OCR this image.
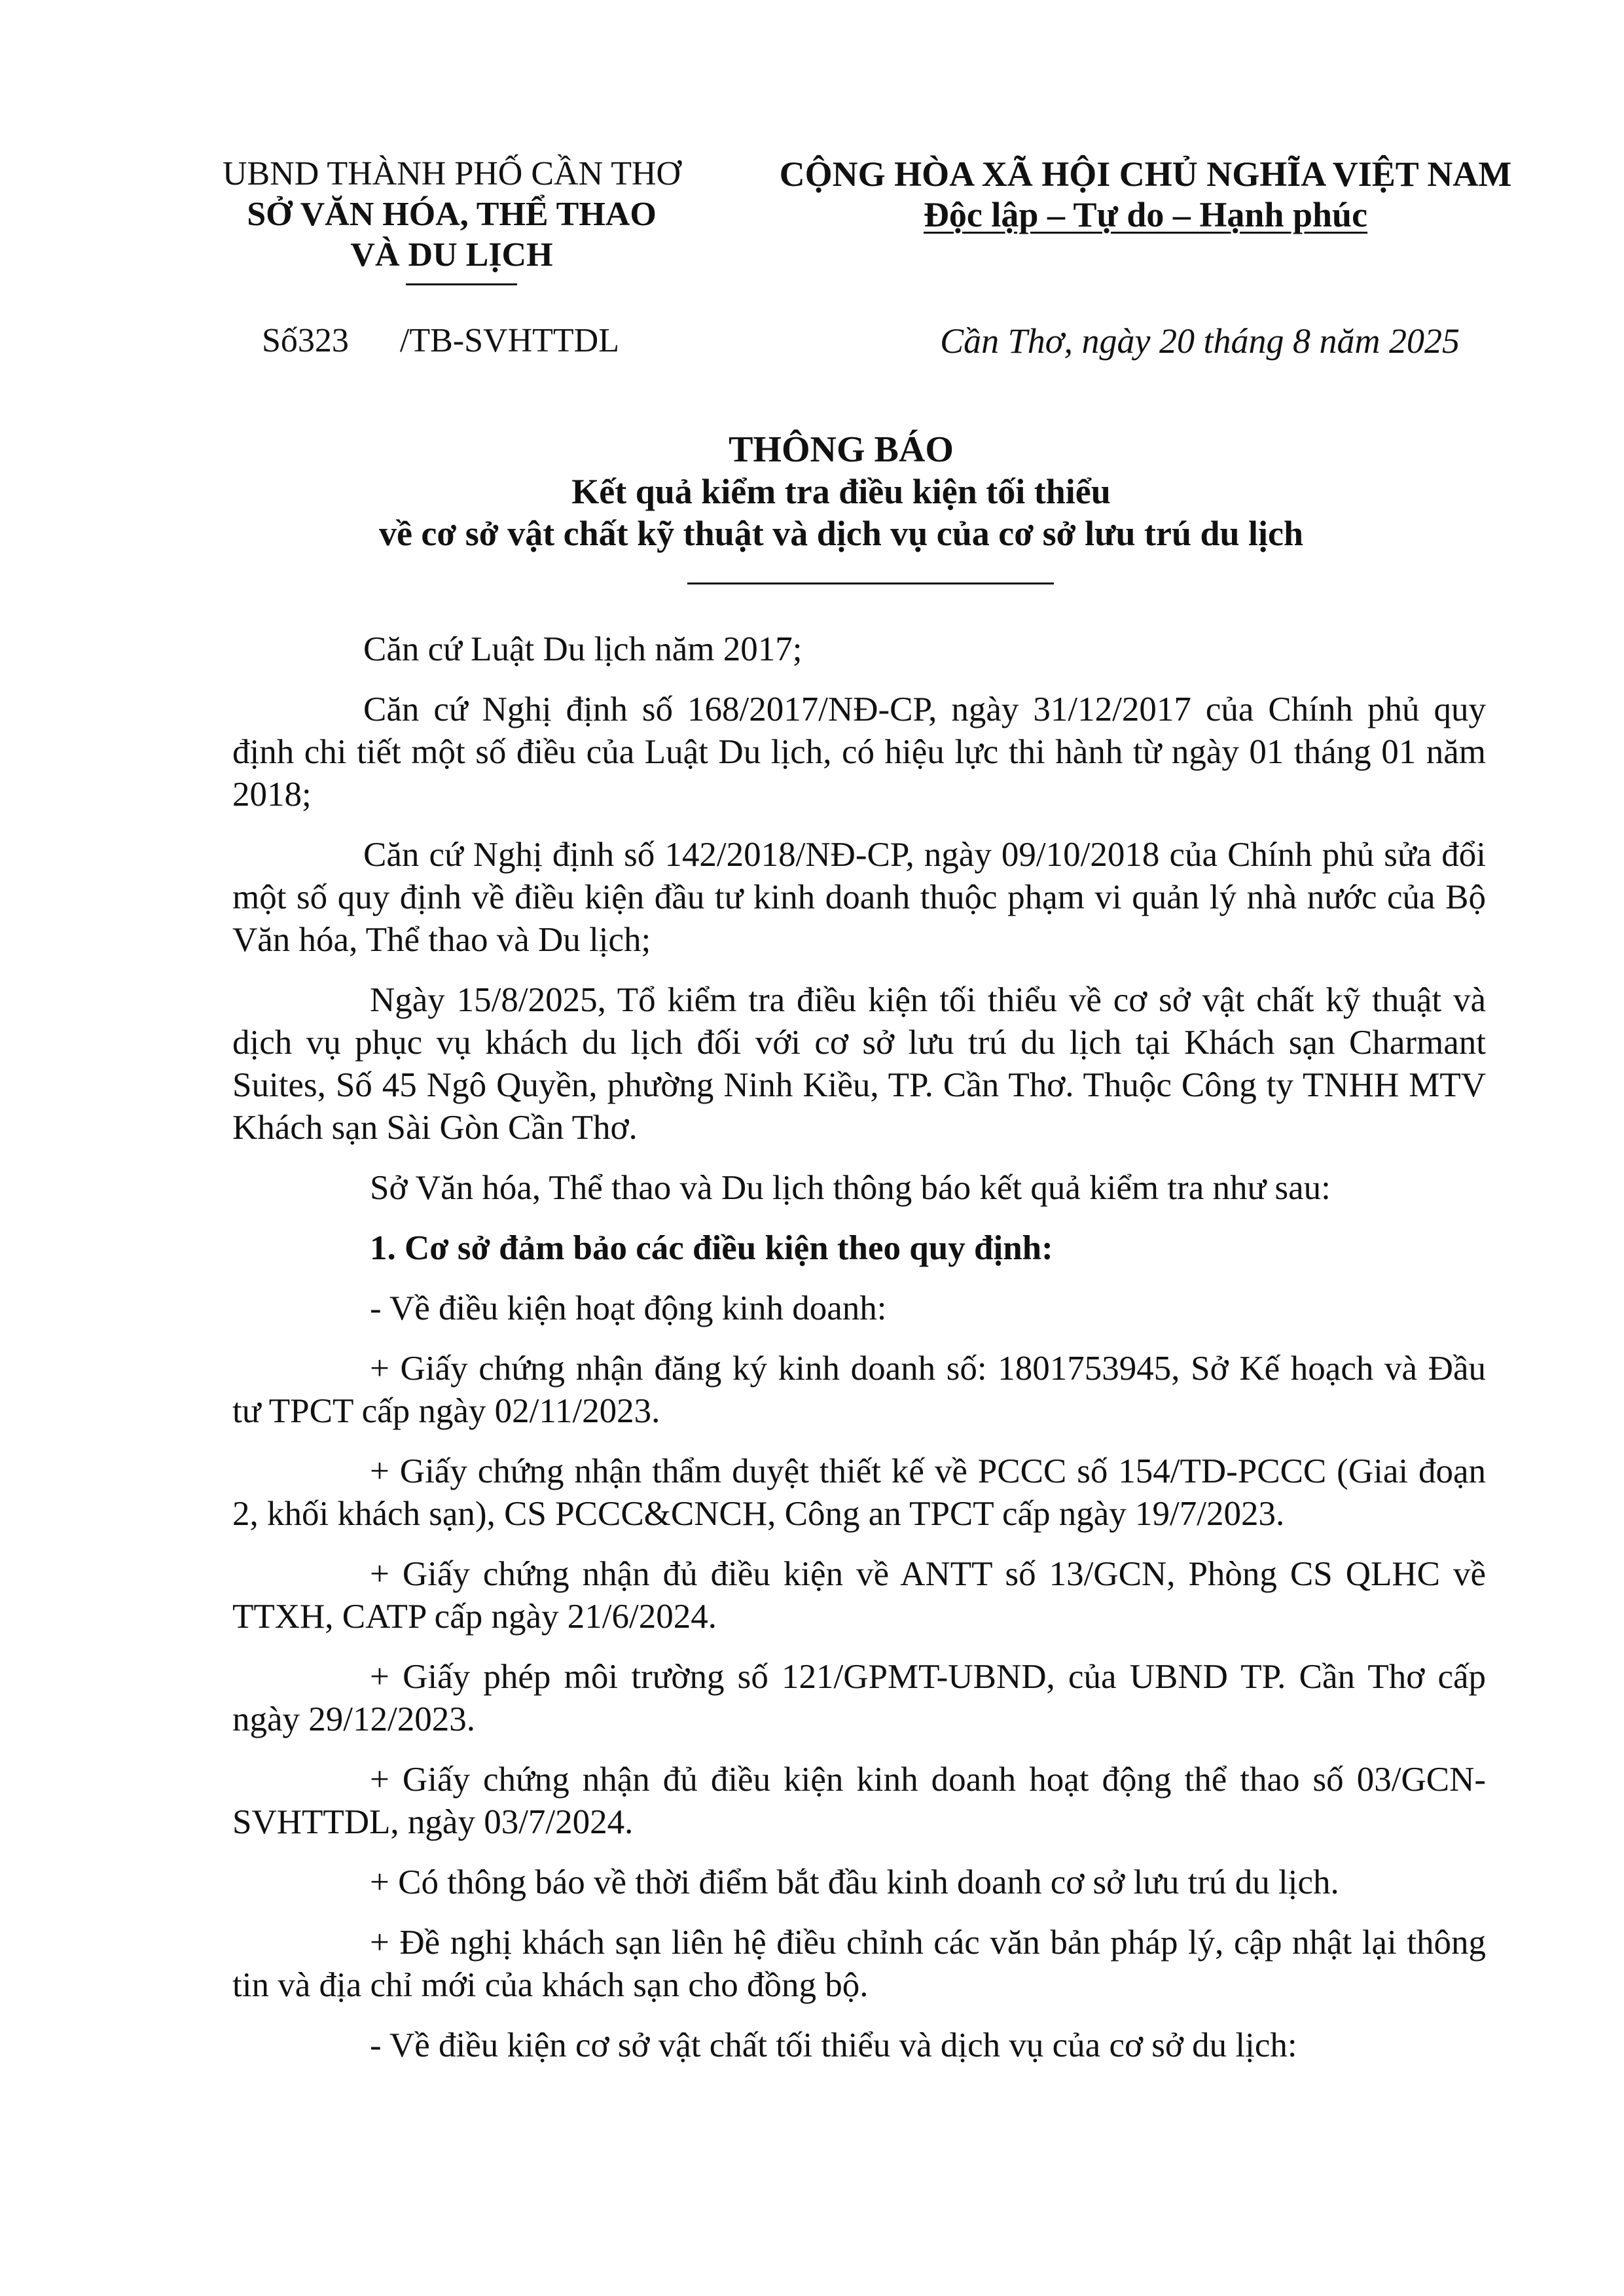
UBND THÀNH PHỐ CẦN THƠ
SỞ VĂN HÓA, THỂ THAO
VÀ DU LỊCH
CỘNG HÒA XÃ HỘI CHỦ NGHĨA VIỆT NAM
Độc lập – Tự do – Hạnh phúc
Số323 /TB-SVHTTDL	Cần Thơ, ngày 20 tháng 8 năm 2025
THÔNG BÁO
Kết quả kiểm tra điều kiện tối thiểu
về cơ sở vật chất kỹ thuật và dịch vụ của cơ sở lưu trú du lịch

Căn cứ Luật Du lịch năm 2017;

Căn cứ Nghị định số 168/2017/NĐ-CP, ngày 31/12/2017 của Chính phủ quy định chi tiết một số điều của Luật Du lịch, có hiệu lực thi hành từ ngày 01 tháng 01 năm 2018;

Căn cứ Nghị định số 142/2018/NĐ-CP, ngày 09/10/2018 của Chính phủ sửa đổi một số quy định về điều kiện đầu tư kinh doanh thuộc phạm vi quản lý nhà nước của Bộ Văn hóa, Thể thao và Du lịch;

Ngày 15/8/2025, Tổ kiểm tra điều kiện tối thiểu về cơ sở vật chất kỹ thuật và dịch vụ phục vụ khách du lịch đối với cơ sở lưu trú du lịch tại Khách sạn Charmant Suites, Số 45 Ngô Quyền, phường Ninh Kiều, TP. Cần Thơ. Thuộc Công ty TNHH MTV Khách sạn Sài Gòn Cần Thơ.

Sở Văn hóa, Thể thao và Du lịch thông báo kết quả kiểm tra như sau:

1. Cơ sở đảm bảo các điều kiện theo quy định:

- Về điều kiện hoạt động kinh doanh:

+ Giấy chứng nhận đăng ký kinh doanh số: 1801753945, Sở Kế hoạch và Đầu tư TPCT cấp ngày 02/11/2023.

+ Giấy chứng nhận thẩm duyệt thiết kế về PCCC số 154/TD-PCCC (Giai đoạn 2, khối khách sạn), CS PCCC&CNCH, Công an TPCT cấp ngày 19/7/2023.

+ Giấy chứng nhận đủ điều kiện về ANTT số 13/GCN, Phòng CS QLHC về TTXH, CATP cấp ngày 21/6/2024.

+ Giấy phép môi trường số 121/GPMT-UBND, của UBND TP. Cần Thơ cấp ngày 29/12/2023.

+ Giấy chứng nhận đủ điều kiện kinh doanh hoạt động thể thao số 03/GCN-SVHTTDL, ngày 03/7/2024.

+ Có thông báo về thời điểm bắt đầu kinh doanh cơ sở lưu trú du lịch.

+ Đề nghị khách sạn liên hệ điều chỉnh các văn bản pháp lý, cập nhật lại thông tin và địa chỉ mới của khách sạn cho đồng bộ.

- Về điều kiện cơ sở vật chất tối thiểu và dịch vụ của cơ sở du lịch:
